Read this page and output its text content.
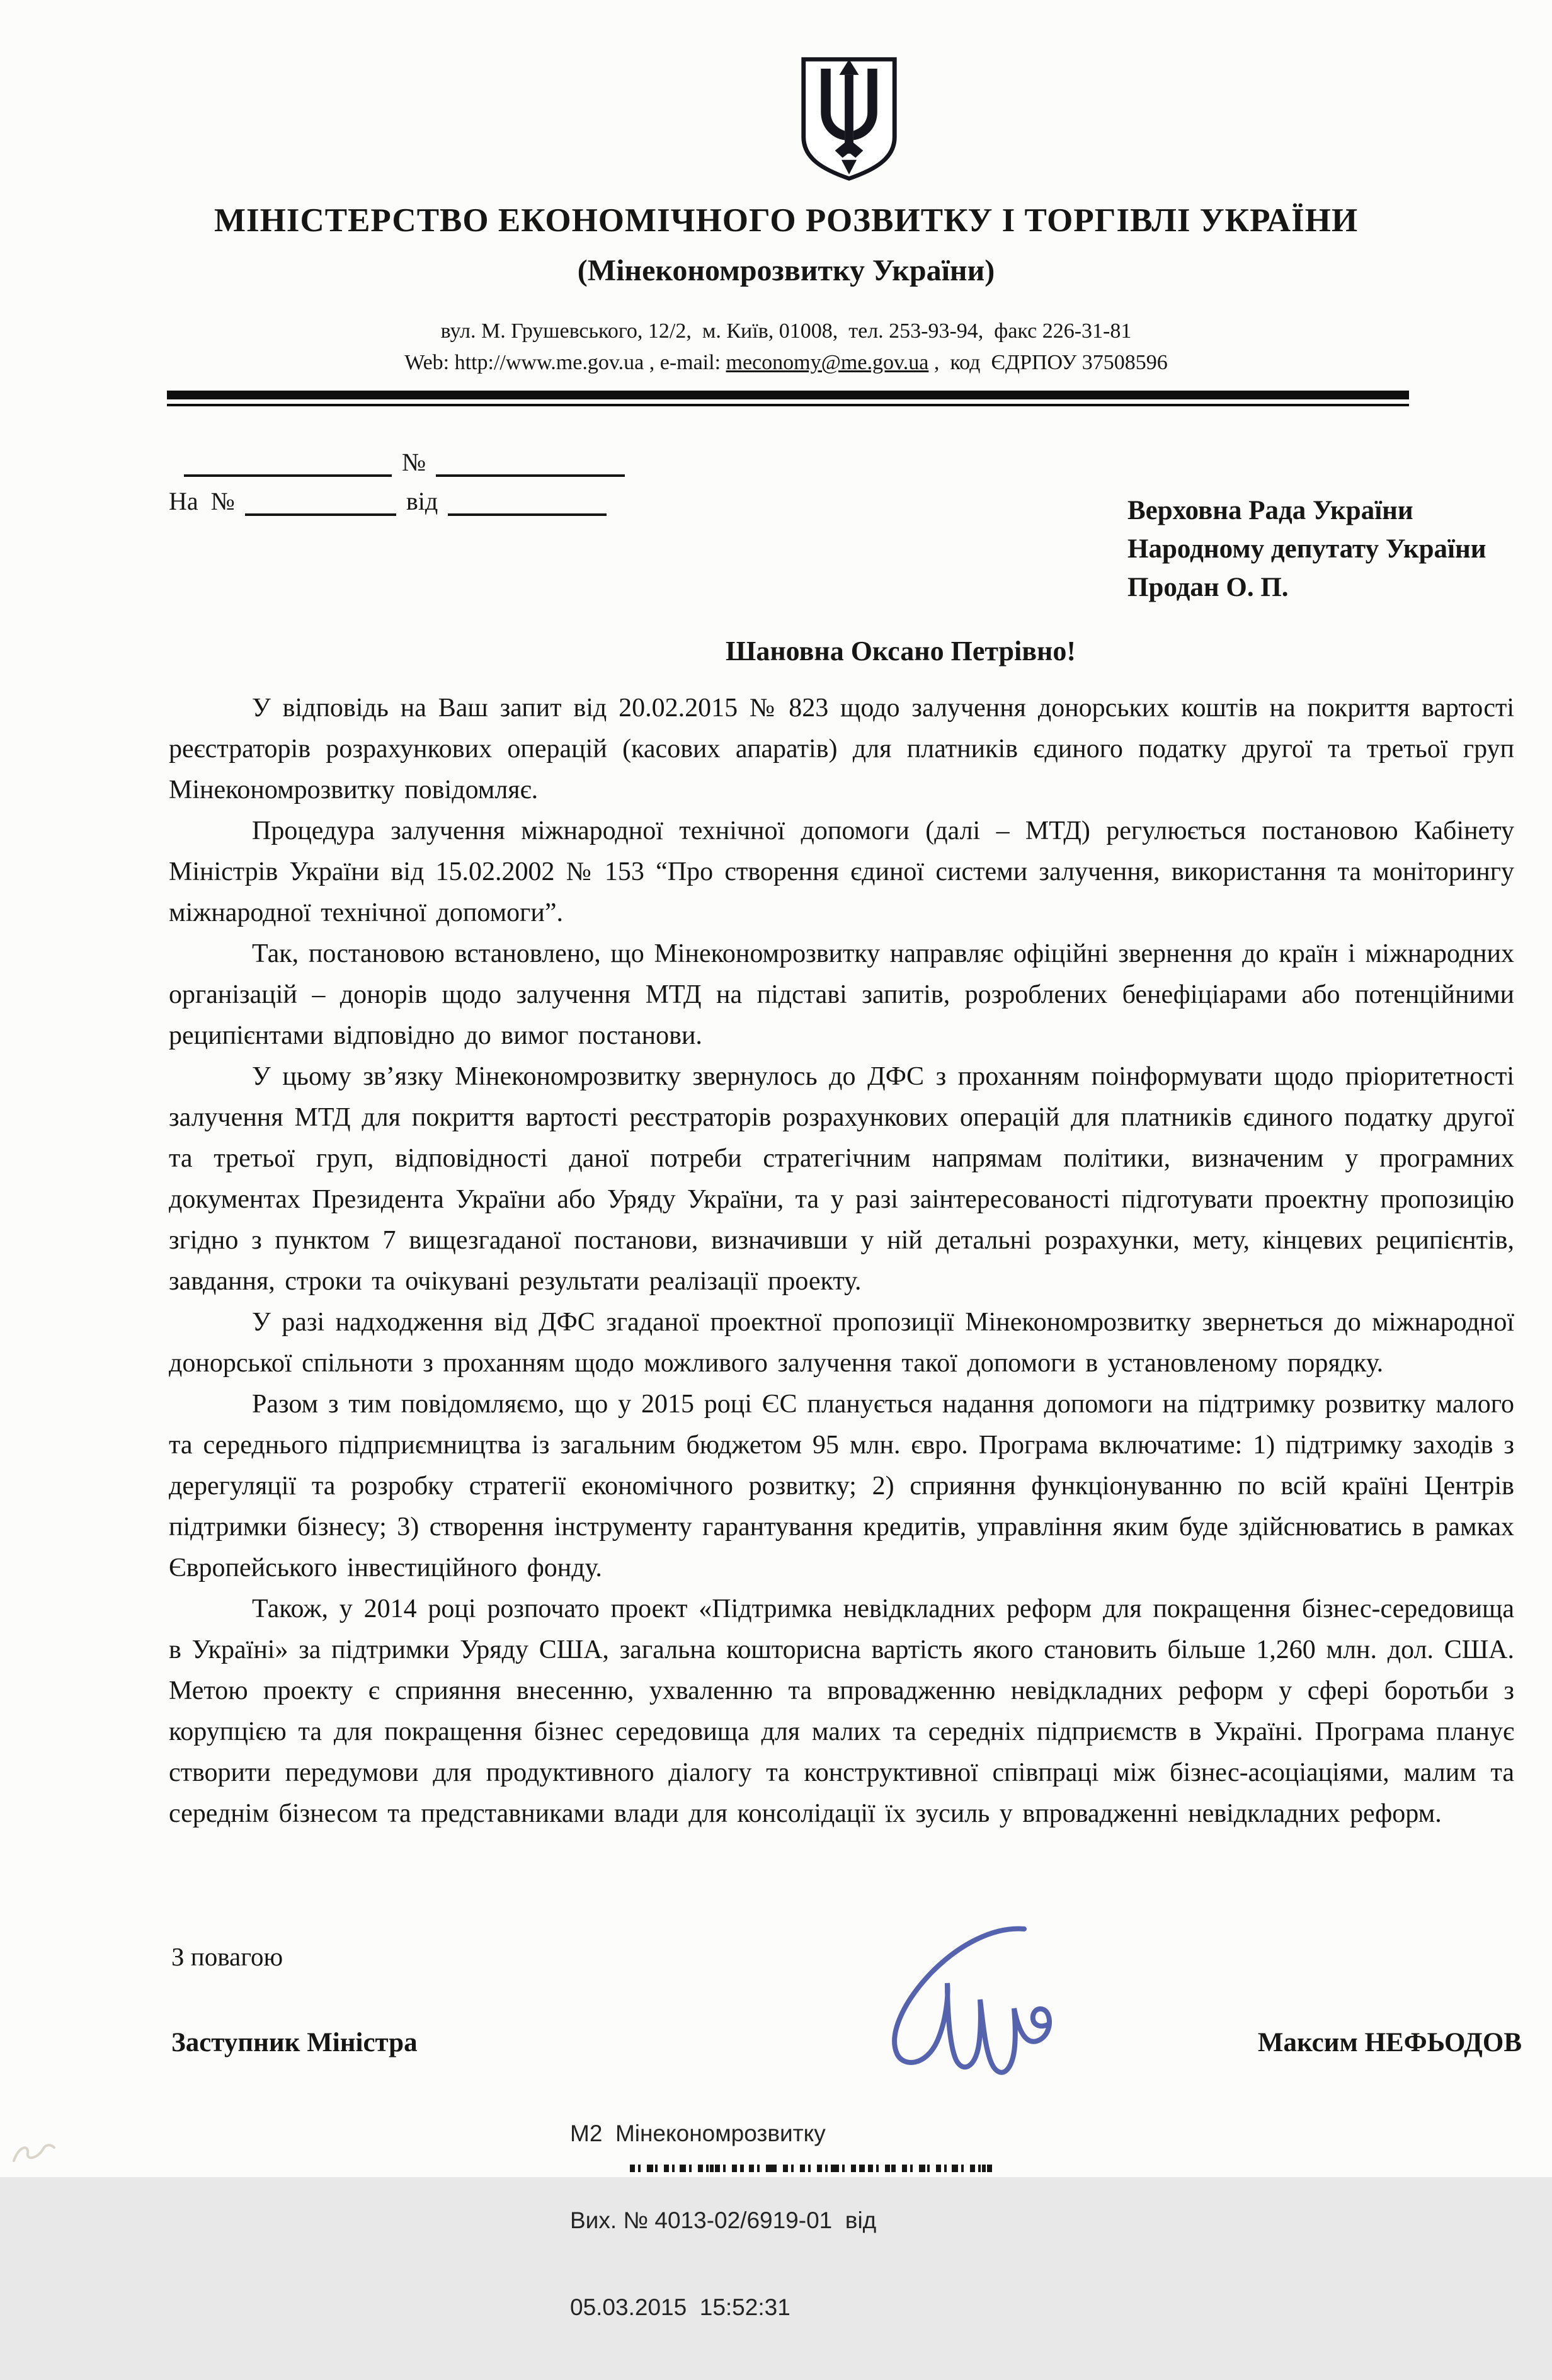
МІНІСТЕРСТВО ЕКОНОМІЧНОГО РОЗВИТКУ І ТОРГІВЛІ УКРАЇНИ
(Мінекономрозвитку України)
вул. М. Грушевського, 12/2,  м. Київ, 01008,  тел. 253-93-94,  факс 226-31-81
Web: http://www.me.gov.ua , e-mail: meconomy@me.gov.ua ,  код  ЄДРПОУ 37508596
№
На  №	від	Верховна Рада України
Народному депутату України
Продан О. П.
Шановна Оксано Петрівно!

У відповідь на Ваш запит від 20.02.2015 № 823 щодо залучення донорських коштів на покриття вартості реєстраторів розрахункових операцій (касових апаратів) для платників єдиного податку другої та третьої груп Мінекономрозвитку повідомляє.

Процедура залучення міжнародної технічної допомоги (далі – МТД) регулюється постановою Кабінету Міністрів України від 15.02.2002 № 153 “Про створення єдиної системи залучення, використання та моніторингу міжнародної технічної допомоги”.

Так, постановою встановлено, що Мінекономрозвитку направляє офіційні звернення до країн і міжнародних організацій – донорів щодо залучення МТД на підставі запитів, розроблених бенефіціарами або потенційними реципієнтами відповідно до вимог постанови.

У цьому зв’язку Мінекономрозвитку звернулось до ДФС з проханням поінформувати щодо пріоритетності залучення МТД для покриття вартості реєстраторів розрахункових операцій для платників єдиного податку другої та третьої груп, відповідності даної потреби стратегічним напрямам політики, визначеним у програмних документах Президента України або Уряду України, та у разі заінтересованості підготувати проектну пропозицію згідно з пунктом 7 вищезгаданої постанови, визначивши у ній детальні розрахунки, мету, кінцевих реципієнтів, завдання, строки та очікувані результати реалізації проекту.

У разі надходження від ДФС згаданої проектної пропозиції Мінекономрозвитку звернеться до міжнародної донорської спільноти з проханням щодо можливого залучення такої допомоги в установленому порядку.

Разом з тим повідомляємо, що у 2015 році ЄС планується надання допомоги на підтримку розвитку малого та середнього підприємництва із загальним бюджетом 95 млн. євро. Програма включатиме: 1) підтримку заходів з дерегуляції та розробку стратегії економічного розвитку; 2) сприяння функціонуванню по всій країні Центрів підтримки бізнесу; 3) створення інструменту гарантування кредитів, управління яким буде здійснюватись в рамках Європейського інвестиційного фонду.

Також, у 2014 році розпочато проект «Підтримка невідкладних реформ для покращення бізнес-середовища в Україні» за підтримки Уряду США, загальна кошторисна вартість якого становить більше 1,260 млн. дол. США. Метою проекту є сприяння внесенню, ухваленню та впровадженню невідкладних реформ у сфері боротьби з корупцією та для покращення бізнес середовища для малих та середніх підприємств в Україні. Програма планує створити передумови для продуктивного діалогу та конструктивної співпраці між бізнес-асоціаціями, малим та середнім бізнесом та представниками влади для консолідації їх зусиль у впровадженні невідкладних реформ.

З повагою
Заступник Міністра	Максим НЕФЬОДОВ

М2  Мінекономрозвитку

Вих. № 4013-02/6919-01  від

05.03.2015  15:52:31
